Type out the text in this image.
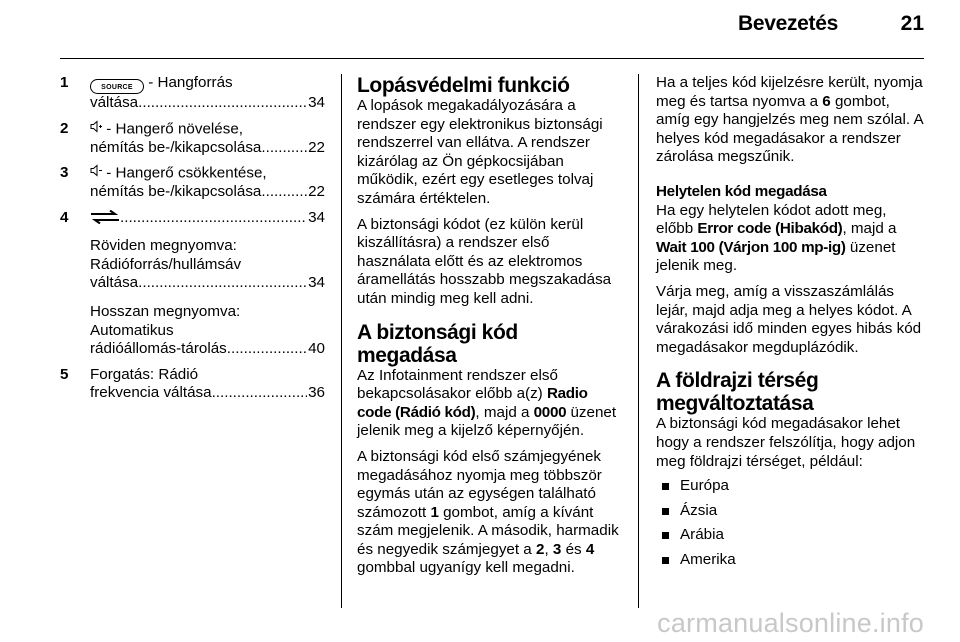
Bevezetés	21
1	SOURCE - Hangforrás
váltása .....	34
2	- Hangerő növelése,
némítás be-/kikapcsolása .....	22
3	- Hangerő csökkentése,
némítás be-/kikapcsolása .....	22
4 .....	34
Röviden megnyomva:
Rádióforrás/hullámsáv
váltása .....	34
Hosszan megnyomva:
Automatikus
rádióállomás-tárolás .....	40
5 Forgatás: Rádió
frekvencia váltása .....	36
Lopásvédelmi funkció

A lopások megakadályozására a rendszer egy elektronikus biztonsági rendszerrel van ellátva. A rendszer kizárólag az Ön gépkocsijában működik, ezért egy esetleges tolvaj számára értéktelen.

A biztonsági kódot (ez külön kerül kiszállításra) a rendszer első használata előtt és az elektromos áramellátás hosszabb megszakadása után mindig meg kell adni.

A biztonsági kód megadása

Az Infotainment rendszer első bekapcsolásakor előbb a(z) Radio code (Rádió kód), majd a 0000 üzenet jelenik meg a kijelző képernyőjén.

A biztonsági kód első számjegyének megadásához nyomja meg többször egymás után az egységen található számozott 1 gombot, amíg a kívánt szám megjelenik. A második, harmadik és negyedik számjegyet a 2, 3 és 4 gombbal ugyanígy kell megadni.

Ha a teljes kód kijelzésre került, nyomja meg és tartsa nyomva a 6 gombot, amíg egy hangjelzés meg nem szólal. A helyes kód megadásakor a rendszer zárolása megszűnik.

Helytelen kód megadása

Ha egy helytelen kódot adott meg, előbb Error code (Hibakód), majd a Wait 100 (Várjon 100 mp-ig) üzenet jelenik meg.

Várja meg, amíg a visszaszámlálás lejár, majd adja meg a helyes kódot. A várakozási idő minden egyes hibás kód megadásakor megduplázódik.

A földrajzi térség
megváltoztatása

A biztonsági kód megadásakor lehet hogy a rendszer felszólítja, hogy adjon meg földrajzi térséget, például:

Európa
Ázsia
Arábia
Amerika
carmanualsonline.info
